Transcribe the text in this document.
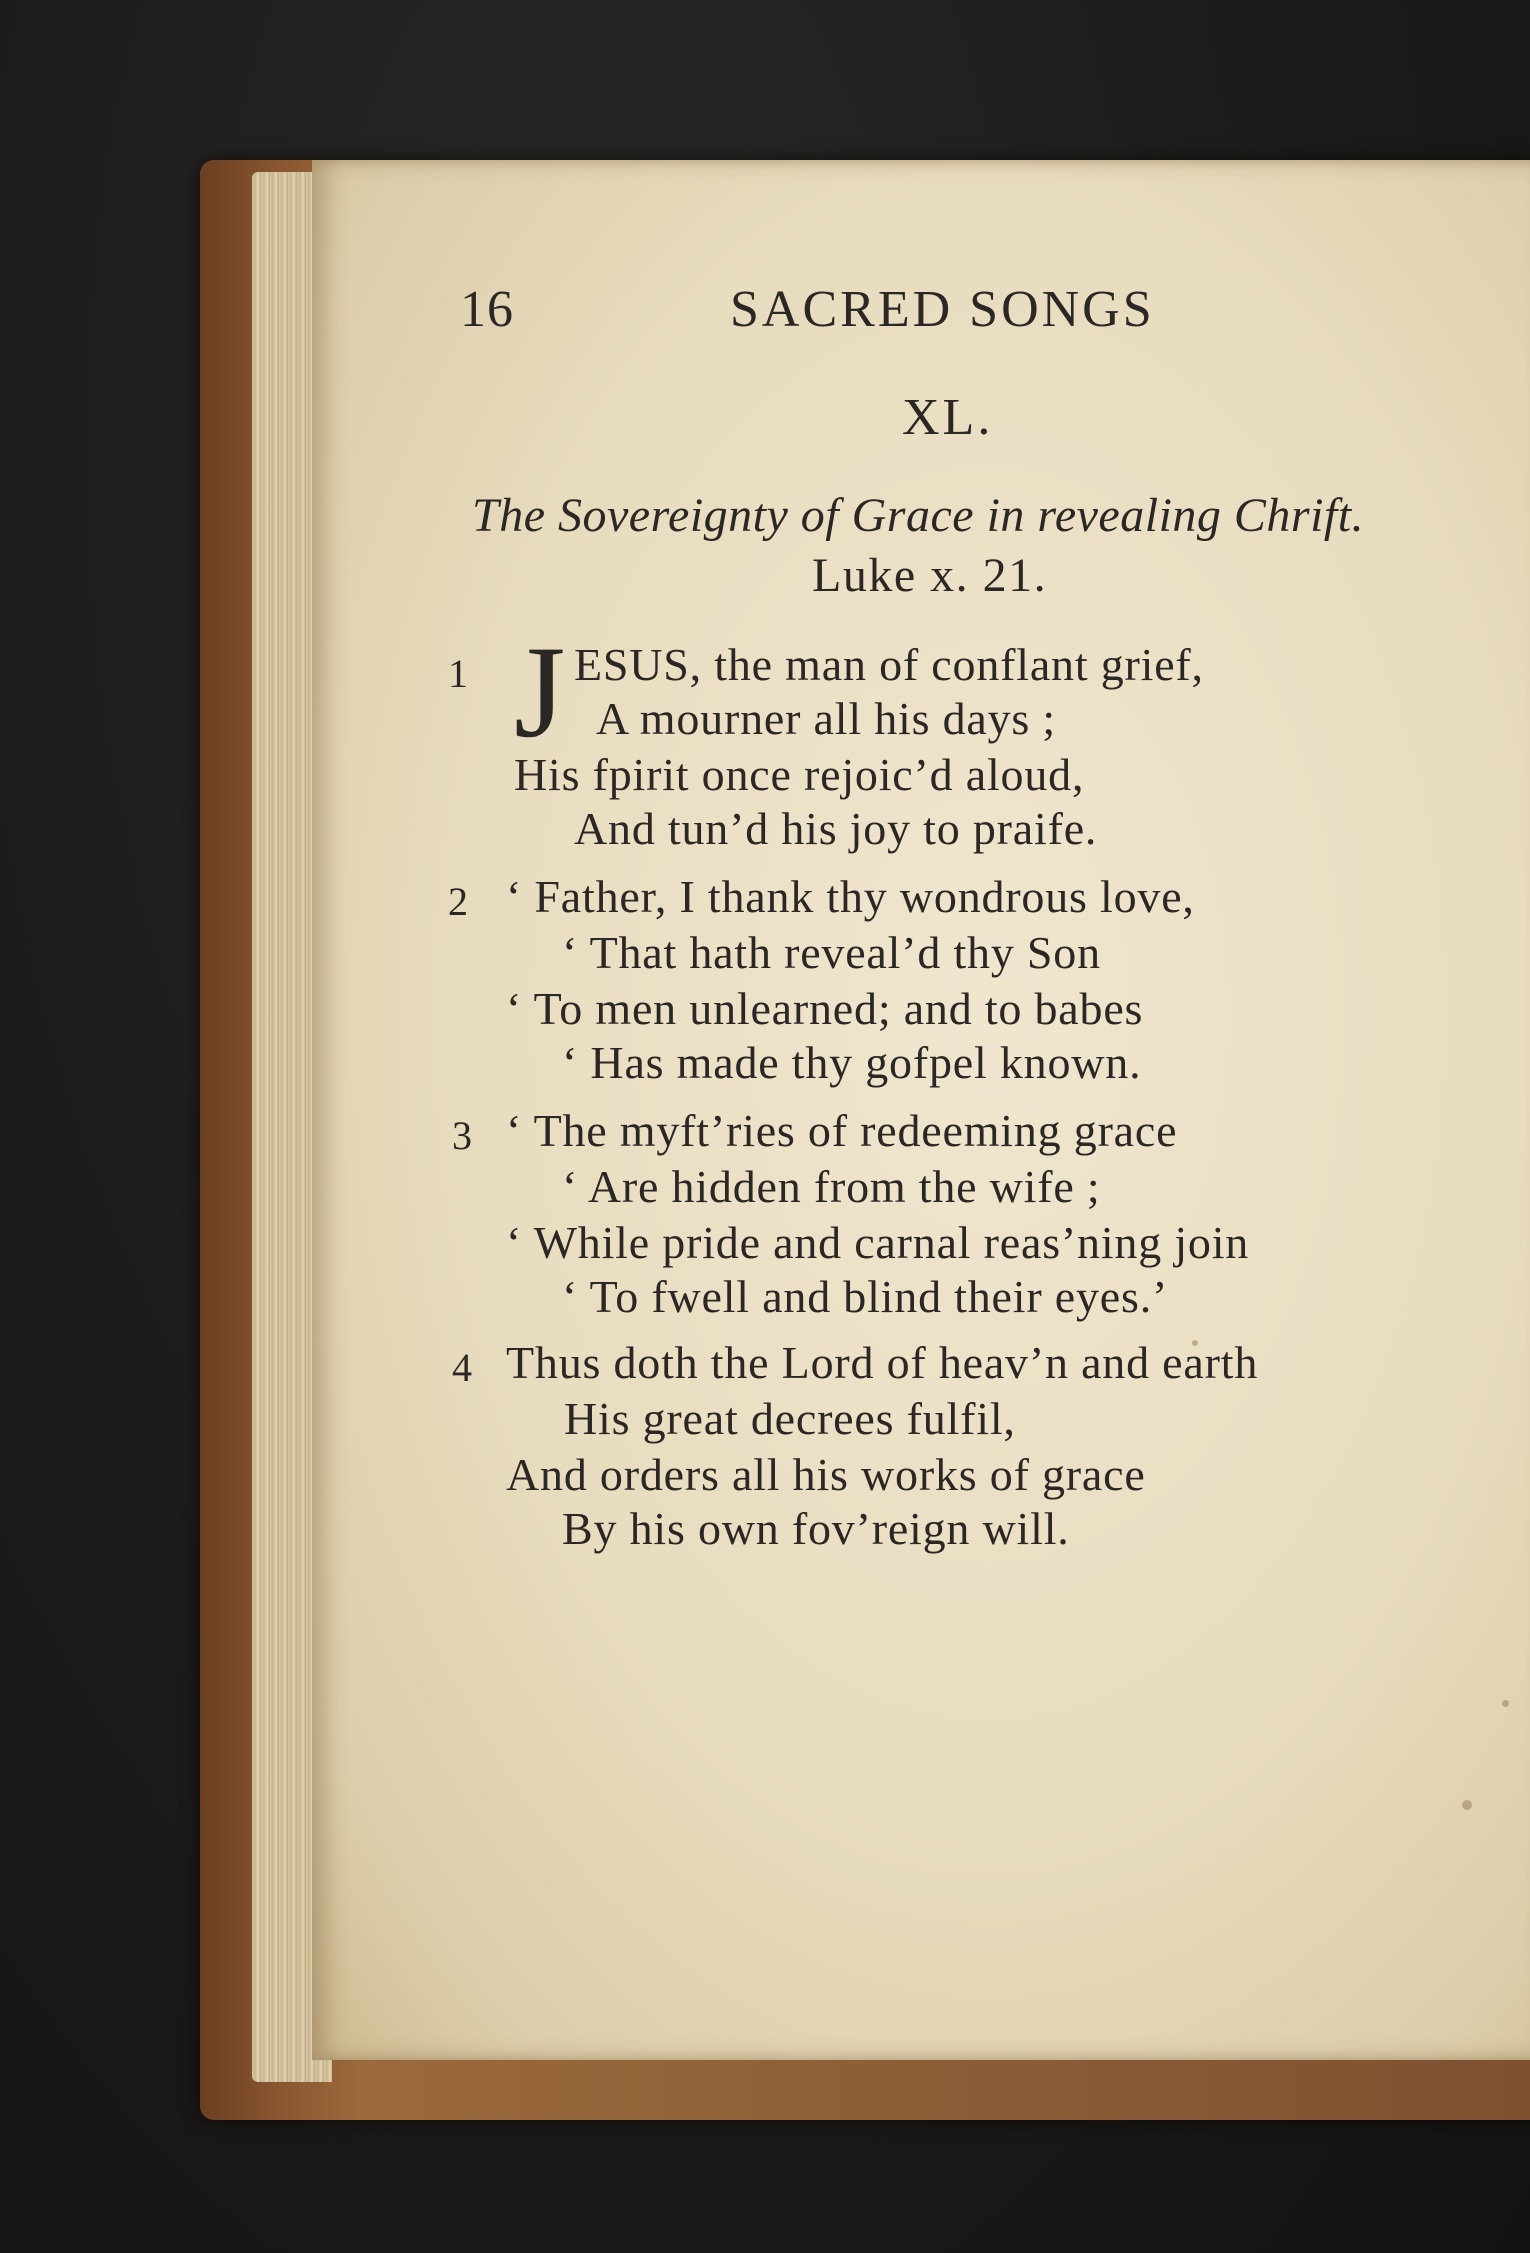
16	SACRED SONGS
XL.
The Sovereignty of Grace in revealing Chrift.
Luke x. 21.
1 J ESUS, the man of conflant grief,
A mourner all his days ;
His fpirit once rejoic’d aloud,
And tun’d his joy to praife.
2 ‘ Father, I thank thy wondrous love,
‘ That hath reveal’d thy Son
‘ To men unlearned; and to babes
‘ Has made thy gofpel known.
3 ‘ The myft’ries of redeeming grace
‘ Are hidden from the wife ;
‘ While pride and carnal reas’ning join
‘ To fwell and blind their eyes.’
4 Thus doth the Lord of heav’n and earth
His great decrees fulfil,
And orders all his works of grace
By his own fov’reign will.
